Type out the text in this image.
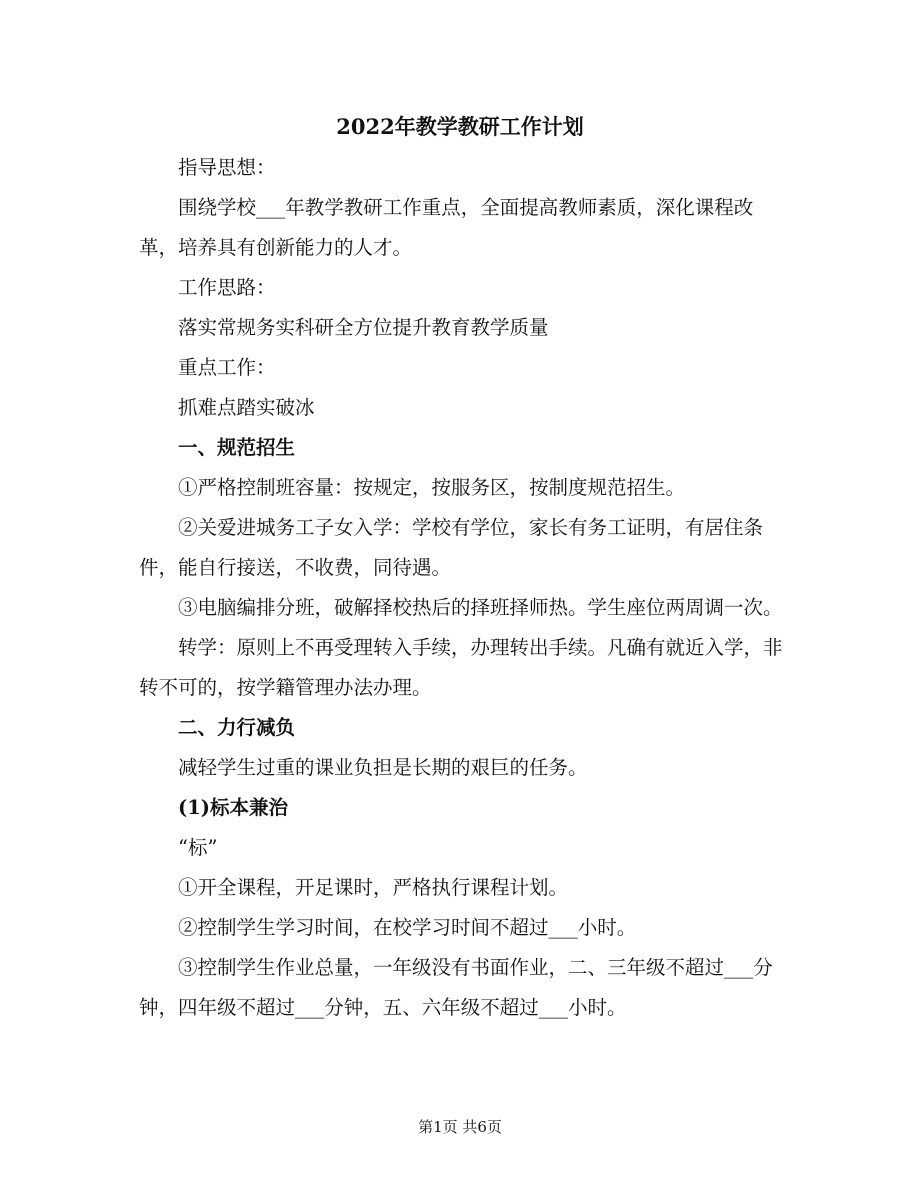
2022年教学教研工作计划

指导思想：

围绕学校___年教学教研工作重点，全面提高教师素质，深化课程改革，培养具有创新能力的人才。

工作思路：

落实常规务实科研全方位提升教育教学质量

重点工作：

抓难点踏实破冰

一、规范招生

①严格控制班容量：按规定，按服务区，按制度规范招生。

②关爱进城务工子女入学：学校有学位，家长有务工证明，有居住条件，能自行接送，不收费，同待遇。

③电脑编排分班，破解择校热后的择班择师热。学生座位两周调一次。

转学：原则上不再受理转入手续，办理转出手续。凡确有就近入学，非转不可的，按学籍管理办法办理。

二、力行减负

减轻学生过重的课业负担是长期的艰巨的任务。

(1)标本兼治

“标”

①开全课程，开足课时，严格执行课程计划。

②控制学生学习时间，在校学习时间不超过___小时。

③控制学生作业总量，一年级没有书面作业，二、三年级不超过___分钟，四年级不超过___分钟，五、六年级不超过___小时。

第1页 共6页
